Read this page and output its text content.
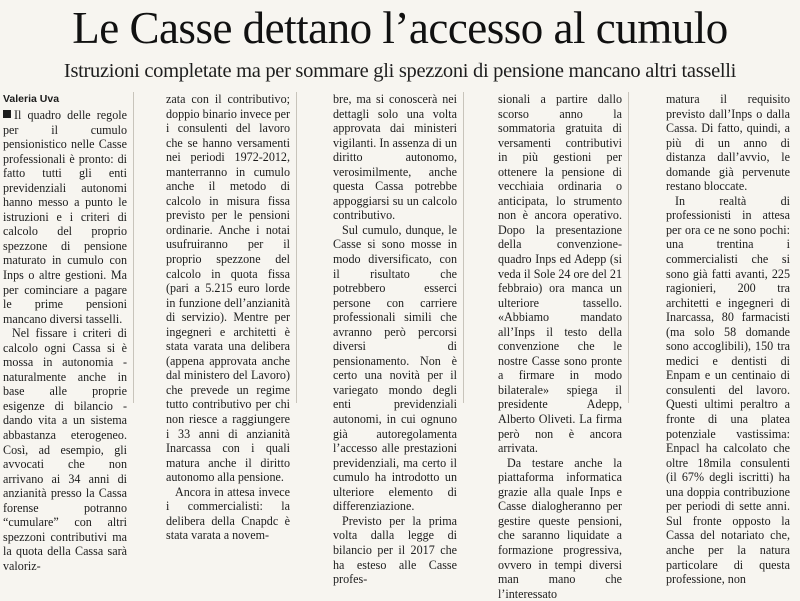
Le Casse dettano l’accesso al cumulo
Istruzioni completate ma per sommare gli spezzoni di pensione mancano altri tasselli
Valeria Uva

Il quadro delle regole per il cumulo pensionistico nelle Casse professionali è pronto: di fatto tutti gli enti previdenziali autonomi hanno messo a punto le istruzioni e i criteri di calcolo del proprio spezzone di pensione maturato in cumulo con Inps o altre gestioni. Ma per cominciare a pagare le prime pensioni mancano diversi tasselli.

Nel fissare i criteri di calcolo ogni Cassa si è mossa in autonomia - naturalmente anche in base alle proprie esigenze di bilancio - dando vita a un sistema abbastanza eterogeneo. Così, ad esempio, gli avvocati che non arrivano ai 34 anni di anzianità presso la Cassa forense potranno “cumulare” con altri spezzoni contributivi ma la quota della Cassa sarà valoriz-

zata con il contributivo; doppio binario invece per i consulenti del lavoro che se hanno versamenti nei periodi 1972-2012, manterranno in cumulo anche il metodo di calcolo in misura fissa previsto per le pensioni ordinarie. Anche i notai usufruiranno per il proprio spezzone del calcolo in quota fissa (pari a 5.215 euro lorde in funzione dell’anzianità di servizio). Mentre per ingegneri e architetti è stata varata una delibera (appena approvata anche dal ministero del Lavoro) che prevede un regime tutto contributivo per chi non riesce a raggiungere i 33 anni di anzianità Inarcassa con i quali matura anche il diritto autonomo alla pensione.

Ancora in attesa invece i commercialisti: la delibera della Cnapdc è stata varata a novem-

bre, ma si conoscerà nei dettagli solo una volta approvata dai ministeri vigilanti. In assenza di un diritto autonomo, verosimilmente, anche questa Cassa potrebbe appoggiarsi su un calcolo contributivo.

Sul cumulo, dunque, le Casse si sono mosse in modo diversificato, con il risultato che potrebbero esserci persone con carriere professionali simili che avranno però percorsi diversi di pensionamento. Non è certo una novità per il variegato mondo degli enti previdenziali autonomi, in cui ognuno già autoregolamenta l’accesso alle prestazioni previdenziali, ma certo il cumulo ha introdotto un ulteriore elemento di differenziazione.

Previsto per la prima volta dalla legge di bilancio per il 2017 che ha esteso alle Casse profes-

sionali a partire dallo scorso anno la sommatoria gratuita di versamenti contributivi in più gestioni per ottenere la pensione di vecchiaia ordinaria o anticipata, lo strumento non è ancora operativo. Dopo la presentazione della convenzione-quadro Inps ed Adepp (si veda il Sole 24 ore del 21 febbraio) ora manca un ulteriore tassello. «Abbiamo mandato all’Inps il testo della convenzione che le nostre Casse sono pronte a firmare in modo bilaterale» spiega il presidente Adepp, Alberto Oliveti. La firma però non è ancora arrivata.

Da testare anche la piattaforma informatica grazie alla quale Inps e Casse dialogheranno per gestire queste pensioni, che saranno liquidate a formazione progressiva, ovvero in tempi diversi man mano che l’interessato

matura il requisito previsto dall’Inps o dalla Cassa. Di fatto, quindi, a più di un anno di distanza dall’avvio, le domande già pervenute restano bloccate.

In realtà di professionisti in attesa per ora ce ne sono pochi: una trentina i commercialisti che si sono già fatti avanti, 225 ragionieri, 200 tra architetti e ingegneri di Inarcassa, 80 farmacisti (ma solo 58 domande sono accoglibili), 150 tra medici e dentisti di Enpam e un centinaio di consulenti del lavoro. Questi ultimi peraltro a fronte di una platea potenziale vastissima: Enpacl ha calcolato che oltre 18mila consulenti (il 67% degli iscritti) ha una doppia contribuzione per periodi di sette anni. Sul fronte opposto la Cassa del notariato che, anche per la natura particolare di questa professione, non
